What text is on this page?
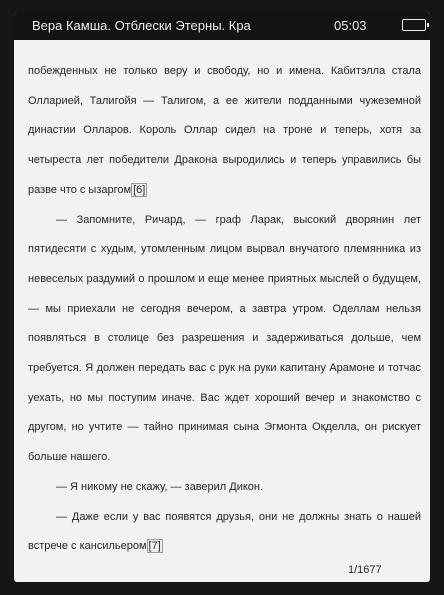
Вера Камша. Отблески Этерны. Кра	05:03

побежденных не только веру и свободу, но и имена. Кабитэлла стала Олларией, Талигойя — Талигом, а ее жители подданными чужеземной династии Олларов. Король Оллар сидел на троне и теперь, хотя за четыреста лет победители Дракона выродились и теперь управились бы разве что с ызаргом [6]

— Запомните, Ричард, — граф Ларак, высокий дворянин лет пятидесяти с худым, утомленным лицом вырвал внучатого племянника из невеселых раздумий о прошлом и еще менее приятных мыслей о будущем, — мы приехали не сегодня вечером, а завтра утром. Оделлам нельзя появляться в столице без разрешения и задерживаться дольше, чем требуется. Я должен передать вас с рук на руки капитану Арамоне и тотчас уехать, но мы поступим иначе. Вас ждет хороший вечер и знакомство с другом, но учтите — тайно принимая сына Эгмонта Окделла, он рискует больше нашего.

— Я никому не скажу, — заверил Дикон.

— Даже если у вас появятся друзья, они не должны знать о нашей встрече с кансильером [7]

1/1677
